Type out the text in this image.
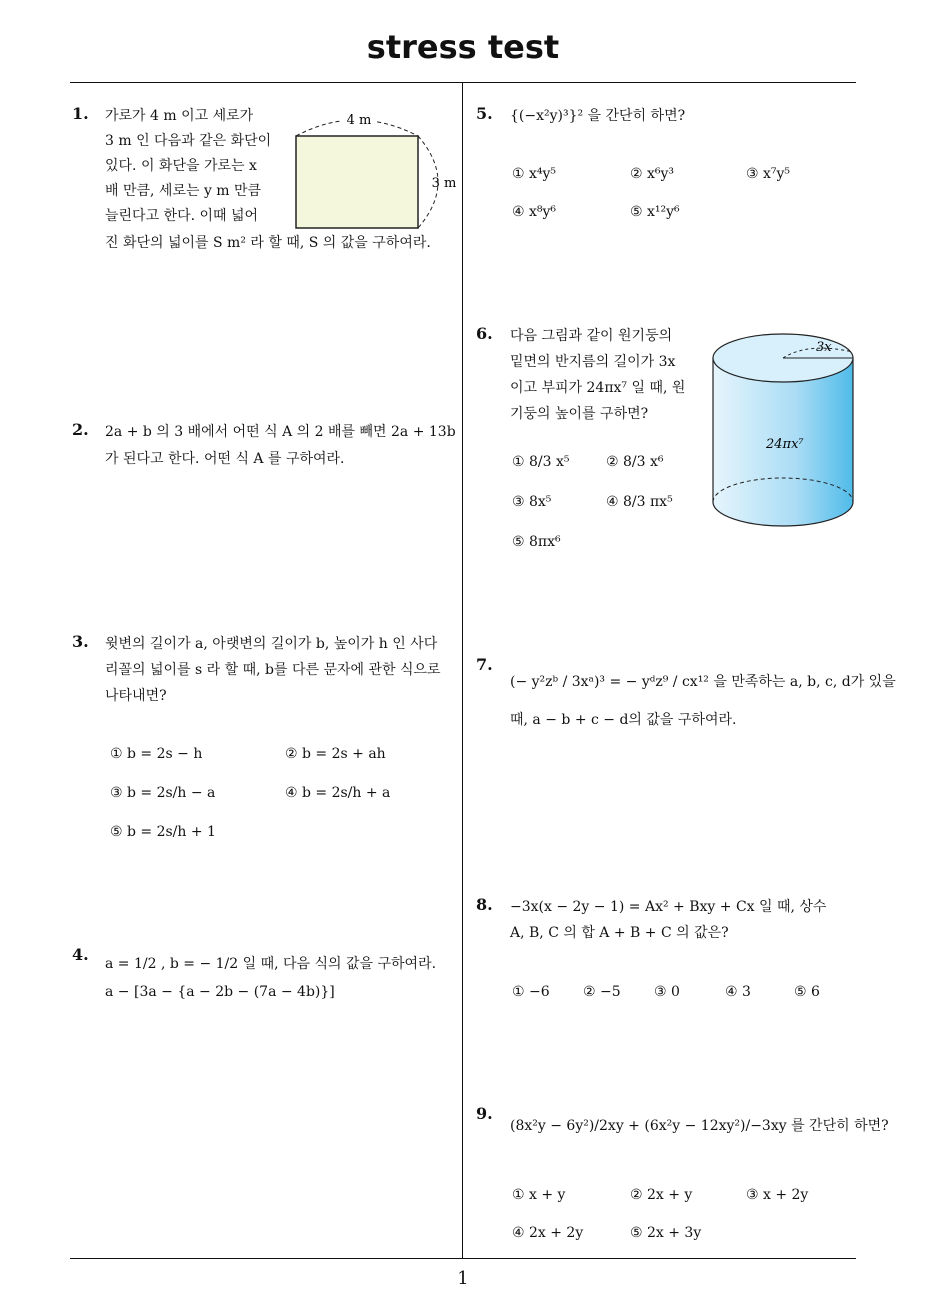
stress test
1
1. 가로가 4 m 이고 세로가
3 m 인 다음과 같은 화단이
있다. 이 화단을 가로는 x
배 만큼, 세로는 y m 만큼
늘린다고 한다. 이때 넓어
진 화단의 넓이를 S m² 라 할 때, S 의 값을 구하여라.
4 m
3 m
2. 2a + b 의 3 배에서 어떤 식 A 의 2 배를 빼면 2a + 13b
가 된다고 한다. 어떤 식 A 를 구하여라.
3. 윗변의 길이가 a, 아랫변의 길이가 b, 높이가 h 인 사다
리꼴의 넓이를 s 라 할 때, b를 다른 문자에 관한 식으로
나타내면?
① b = 2s − h	② b = 2s + ah
③ b = 2s/h − a	④ b = 2s/h + a
⑤ b = 2s/h + 1
4. a = 1/2 , b = − 1/2 일 때, 다음 식의 값을 구하여라.
a − [3a − {a − 2b − (7a − 4b)}]
5. {(−x²y)³}² 을 간단히 하면?
① x⁴y⁵	② x⁶y³	③ x⁷y⁵
④ x⁸y⁶	⑤ x¹²y⁶
6. 다음 그림과 같이 원기둥의
밑면의 반지름의 길이가 3x
이고 부피가 24πx⁷ 일 때, 원
기둥의 높이를 구하면?
① 8/3 x⁵	② 8/3 x⁶
③ 8x⁵	④ 8/3 πx⁵
⑤ 8πx⁶
3x
24πx⁷
7.
(− y²zᵇ / 3xᵃ)³ = − yᵈz⁹ / cx¹² 을 만족하는 a, b, c, d가 있을
때, a − b + c − d의 값을 구하여라.
8. −3x(x − 2y − 1) = Ax² + Bxy + Cx 일 때, 상수
A, B, C 의 합 A + B + C 의 값은?
① −6 ② −5 ③ 0	④ 3	⑤ 6
9.
(8x²y − 6y²)/2xy + (6x²y − 12xy²)/−3xy 를 간단히 하면?
① x + y	② 2x + y	③ x + 2y
④ 2x + 2y	⑤ 2x + 3y
